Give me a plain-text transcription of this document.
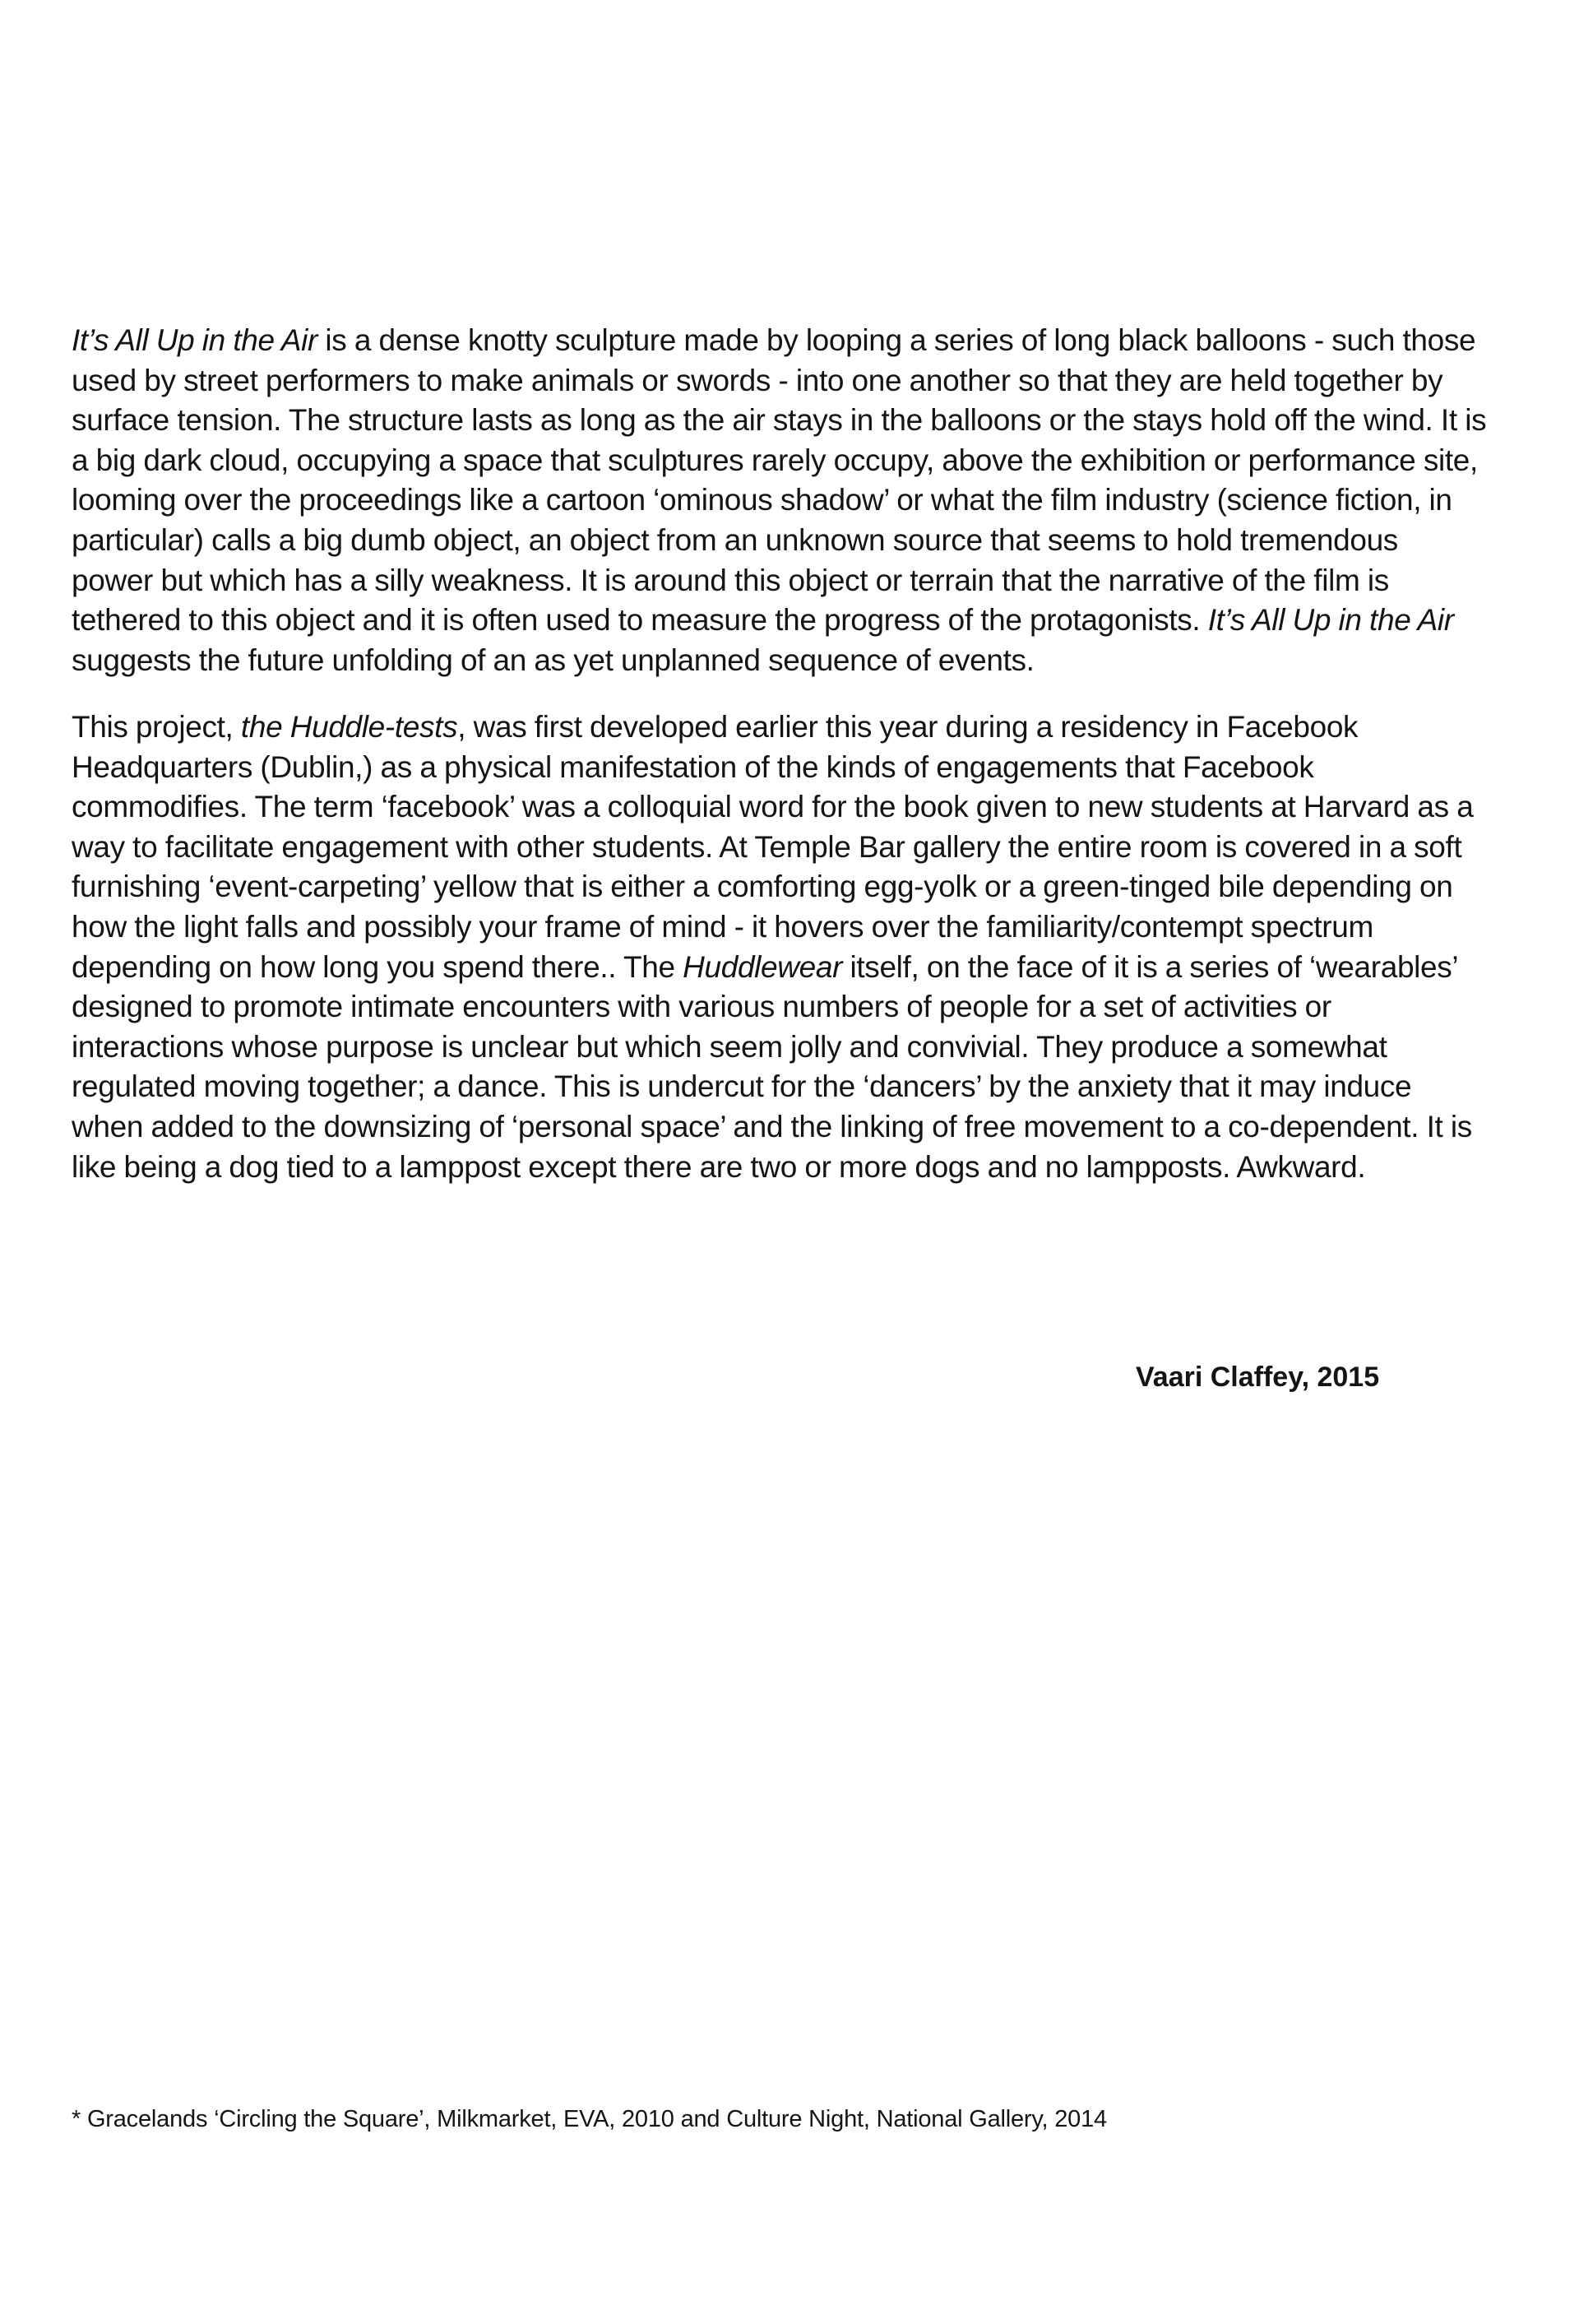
It’s All Up in the Air is a dense knotty sculpture made by looping a series of long black balloons - such those
used by street performers to make animals or swords - into one another so that they are held together by
surface tension. The structure lasts as long as the air stays in the balloons or the stays hold off the wind. It is
a big dark cloud, occupying a space that sculptures rarely occupy, above the exhibition or performance site,
looming over the proceedings like a cartoon ‘ominous shadow’ or what the film industry (science fiction, in
particular) calls a big dumb object, an object from an unknown source that seems to hold tremendous
power but which has a silly weakness. It is around this object or terrain that the narrative of the film is
tethered to this object and it is often used to measure the progress of the protagonists. It’s All Up in the Air
suggests the future unfolding of an as yet unplanned sequence of events.

This project, the Huddle-tests, was first developed earlier this year during a residency in Facebook
Headquarters (Dublin,) as a physical manifestation of the kinds of engagements that Facebook
commodifies. The term ‘facebook’ was a colloquial word for the book given to new students at Harvard as a
way to facilitate engagement with other students. At Temple Bar gallery the entire room is covered in a soft
furnishing ‘event-carpeting’ yellow that is either a comforting egg-yolk or a green-tinged bile depending on
how the light falls and possibly your frame of mind - it hovers over the familiarity/contempt spectrum
depending on how long you spend there.. The Huddlewear itself, on the face of it is a series of ‘wearables’
designed to promote intimate encounters with various numbers of people for a set of activities or
interactions whose purpose is unclear but which seem jolly and convivial. They produce a somewhat
regulated moving together; a dance. This is undercut for the ‘dancers’ by the anxiety that it may induce
when added to the downsizing of ‘personal space’ and the linking of free movement to a co-dependent. It is
like being a dog tied to a lamppost except there are two or more dogs and no lampposts. Awkward.

Vaari Claffey, 2015

* Gracelands ‘Circling the Square’, Milkmarket, EVA, 2010 and Culture Night, National Gallery, 2014
